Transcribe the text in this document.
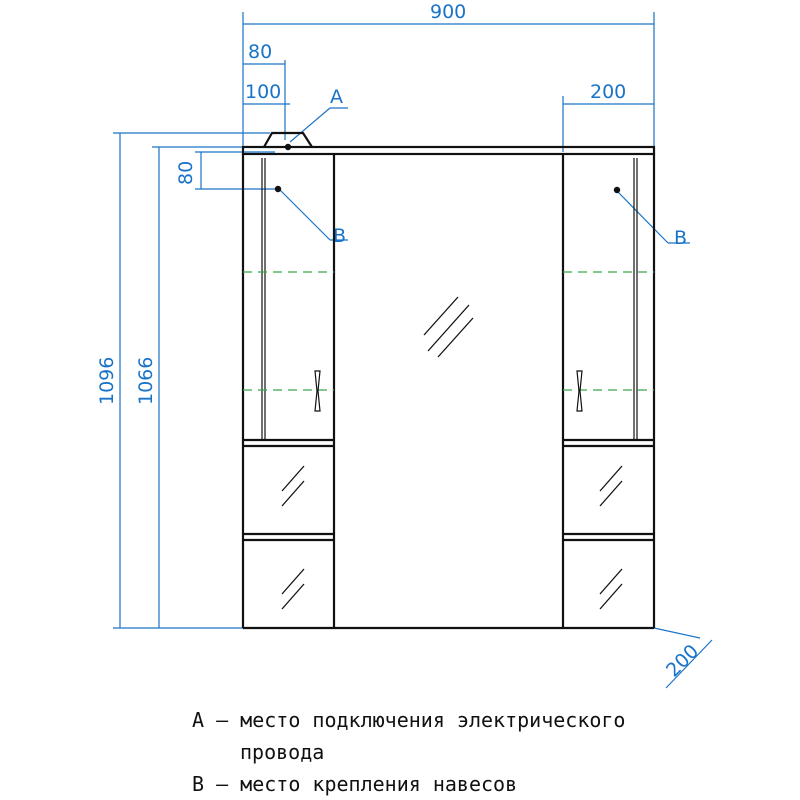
900
80
100	200
80
1096 1066
200
A
B	B
A – место подключения электрического
провода
B – место крепления навесов
